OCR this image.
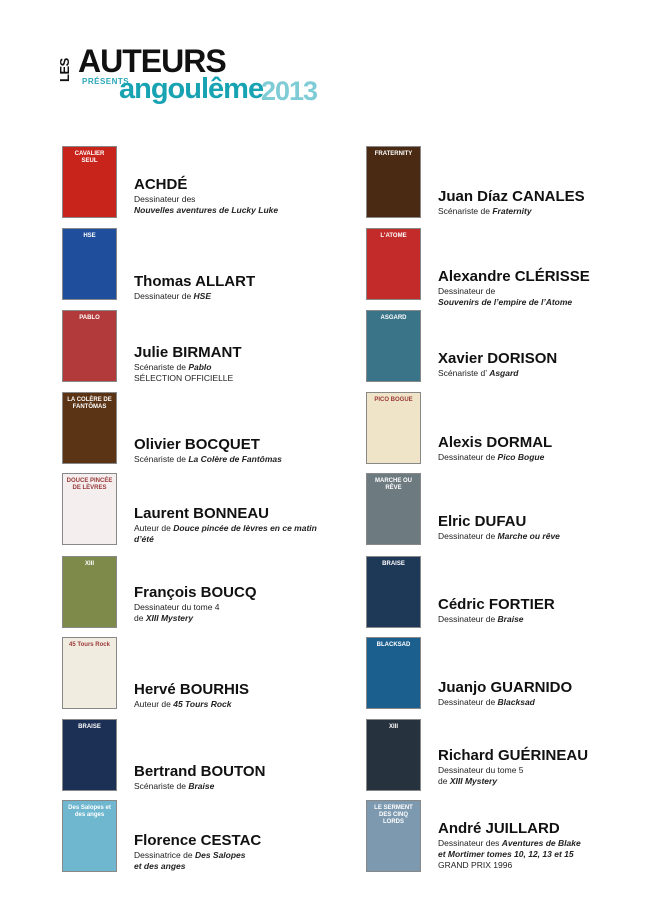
LES AUTEURS
PRÉSENTS
angoulême
2013
CAVALIER SEUL
ACHDÉ
Dessinateur des
Nouvelles aventures de Lucky Luke
HSE
Thomas ALLART
Dessinateur de HSE
PABLO
Julie BIRMANT
Scénariste de Pablo
SÉLECTION OFFICIELLE
LA COLÈRE DE FANTÔMAS
Olivier BOCQUET
Scénariste de La Colère de Fantômas
DOUCE PINCÉE DE LÈVRES
Laurent BONNEAU
Auteur de Douce pincée de lèvres en ce matin d’été
XIII
François BOUCQ
Dessinateur du tome 4
de XIII Mystery
45 Tours Rock
Hervé BOURHIS
Auteur de 45 Tours Rock
BRAISE
Bertrand BOUTON
Scénariste de Braise
Des Salopes et des anges
Florence CESTAC
Dessinatrice de Des Salopes
et des anges
FRATERNITY
Juan Díaz CANALES
Scénariste de Fraternity
L'ATOME
Alexandre CLÉRISSE
Dessinateur de
Souvenirs de l’empire de l’Atome
ASGARD
Xavier DORISON
Scénariste d’ Asgard
PICO BOGUE
Alexis DORMAL
Dessinateur de Pico Bogue
MARCHE OU RÊVE
Elric DUFAU
Dessinateur de Marche ou rêve
BRAISE
Cédric FORTIER
Dessinateur de Braise
BLACKSAD
Juanjo GUARNIDO
Dessinateur de Blacksad
XIII
Richard GUÉRINEAU
Dessinateur du tome 5
de XIII Mystery
LE SERMENT DES CINQ LORDS	André JUILLARD
Dessinateur des Aventures de Blake
et Mortimer tomes 10, 12, 13 et 15
GRAND PRIX 1996
